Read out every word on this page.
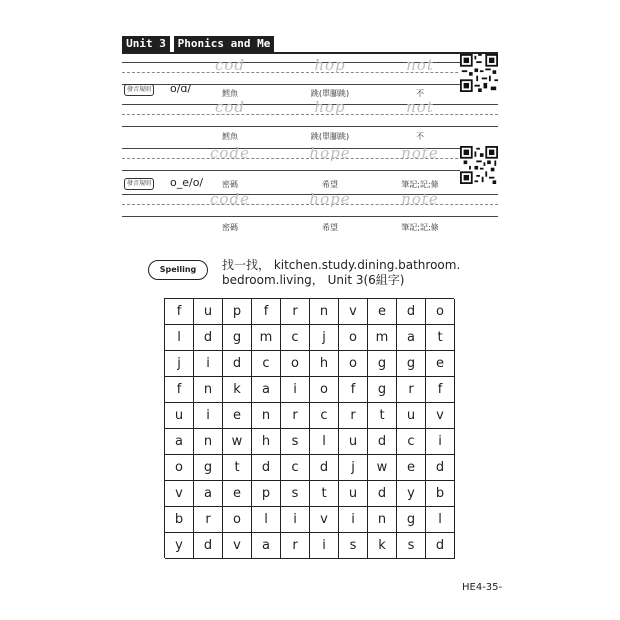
Unit 3	Phonics and Me
cod	hop	not
發音規則 o/ɑ/	鱈魚	跳(單腳跳)	不
cod	hop	not
鱈魚	跳(單腳跳)	不
code	hope	note
發音規則 o_e/o/	密碼	希望	筆記;記;條
code	hope	note
密碼	希望	筆記;記;條
Spelling	找一找， kitchen.study.dining.bathroom.
bedroom.living， Unit 3(6組字)
f	u	p	f	r	n	v	e	d	o
l	d	g	m	c	j	o	m	a	t
j	i	d	c	o	h	o	g	g	e
f	n	k	a	i	o	f	g	r	f
u	i	e	n	r	c	r	t	u	v
a	n	w	h	s	l	u	d	c	i
o	g	t	d	c	d	j	w	e	d
v	a	e	p	s	t	u	d	y	b
b	r	o	l	i	v	i	n	g	l
y	d	v	a	r	i	s	k	s	d
HE4-35-
